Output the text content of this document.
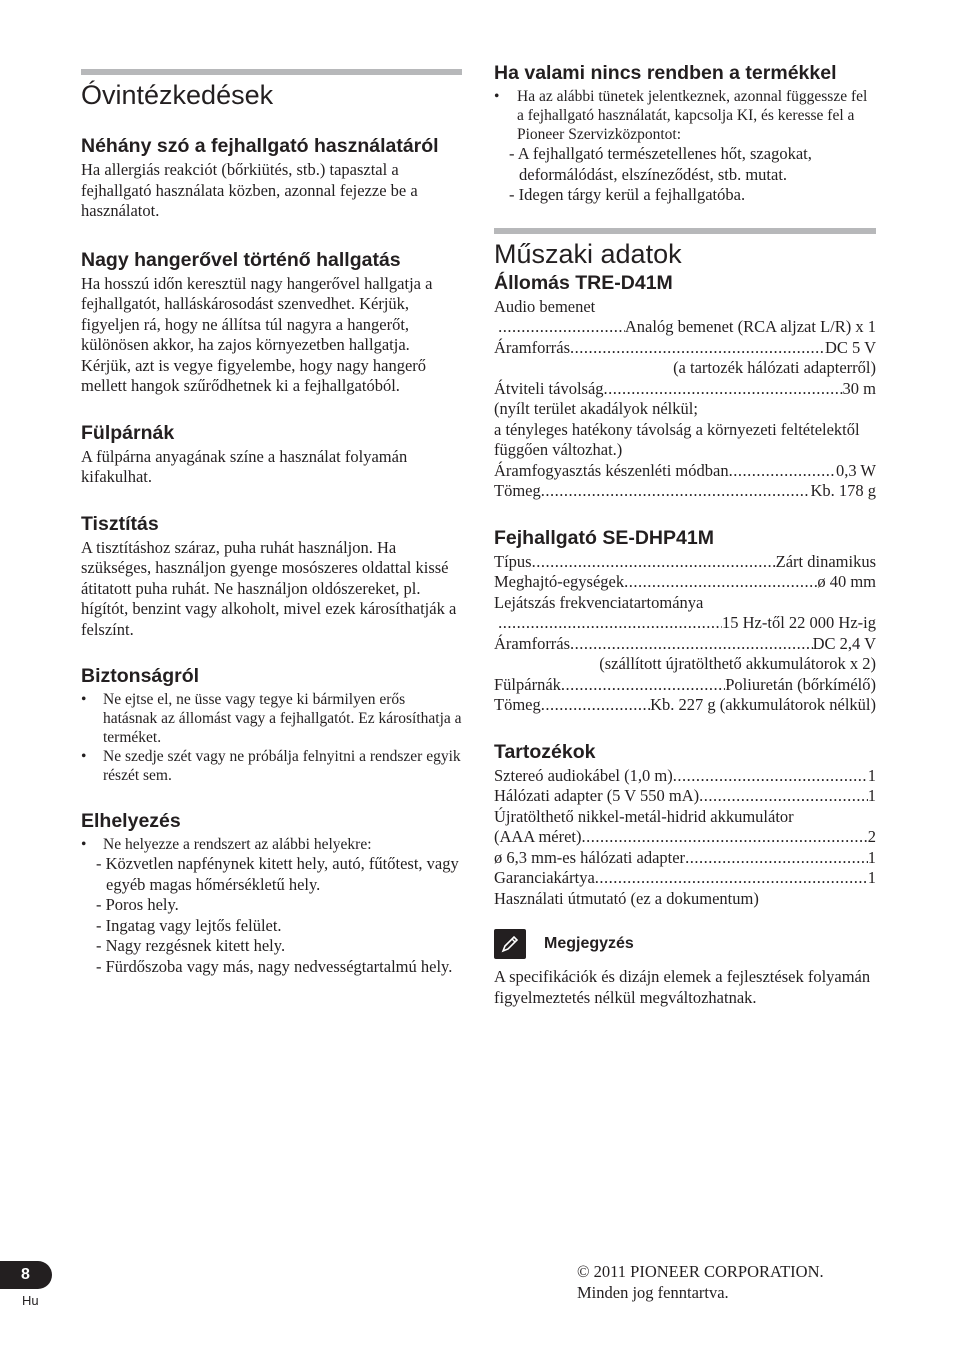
Óvintézkedések
Néhány szó a fejhallgató használatáról

Ha allergiás reakciót (bőrkiütés, stb.) tapasztal a fejhallgató használata közben, azonnal fejezze be a használatot.

Nagy hangerővel történő hallgatás

Ha hosszú időn keresztül nagy hangerővel hallgatja a fejhallgatót, halláskárosodást szenvedhet. Kérjük, figyeljen rá, hogy ne állítsa túl nagyra a hangerőt, különösen akkor, ha zajos környezetben hallgatja.

Kérjük, azt is vegye figyelembe, hogy nagy hangerő mellett hangok szűrődhetnek ki a fejhallgatóból.

Fülpárnák

A fülpárna anyagának színe a használat folyamán kifakulhat.

Tisztítás

A tisztításhoz száraz, puha ruhát használjon. Ha szükséges, használjon gyenge mosószeres oldattal kissé átitatott puha ruhát. Ne használjon oldószereket, pl. hígítót, benzint vagy alkoholt, mivel ezek károsíthatják a felszínt.

Biztonságról

• Ne ejtse el, ne üsse vagy tegye ki bármilyen erős hatásnak az állomást vagy a fejhallgatót. Ez károsíthatja a terméket.

• Ne szedje szét vagy ne próbálja felnyitni a rendszer egyik részét sem.

Elhelyezés

• Ne helyezze a rendszert az alábbi helyekre:

- Közvetlen napfénynek kitett hely, autó, fűtőtest, vagy egyéb magas hőmérsékletű hely.

- Poros hely.

- Ingatag vagy lejtős felület.

- Nagy rezgésnek kitett hely.

- Fürdőszoba vagy más, nagy nedvességtartalmú hely.

Ha valami nincs rendben a termékkel

• Ha az alábbi tünetek jelentkeznek, azonnal függessze fel a fejhallgató használatát, kapcsolja KI, és keresse fel a Pioneer Szervizközpontot:

- A fejhallgató természetellenes hőt, szagokat, deformálódást, elszíneződést, stb. mutat.

- Idegen tárgy kerül a fejhallgatóba.

Műszaki adatok
Állomás TRE-D41M

Audio bemenet

.....
Analóg bemenet (RCA aljzat L/R) x 1
Áramforrás .....	DC 5 V
(a tartozék hálózati adapterről)
Átviteli távolság .....	30 m

(nyílt terület akadályok nélkül;

a tényleges hatékony távolság a környezeti feltételektől függően változhat.)

Áramfogyasztás készenléti módban .....	0,3 W
Tömeg .....	Kb. 178 g
Fejhallgató SE-DHP41M
Típus .....	Zárt dinamikus
Meghajtó-egységek .....	ø 40 mm

Lejátszás frekvenciatartománya

.....
15 Hz-től 22 000 Hz-ig
Áramforrás .....	DC 2,4 V
(szállított újratölthető akkumulátorok x 2)
Fülpárnák .....	Poliuretán (bőrkímélő)
Tömeg .....	Kb. 227 g (akkumulátorok nélkül)
Tartozékok
Sztereó audiokábel (1,0 m) .....	1
Hálózati adapter (5 V 550 mA) .....	1

Újratölthető nikkel-metál-hidrid akkumulátor

(AAA méret) .....	2
ø 6,3 mm-es hálózati adapter .....	1
Garanciakártya .....	1

Használati útmutató (ez a dokumentum)

Megjegyzés

A specifikációk és dizájn elemek a fejlesztések folyamán figyelmeztetés nélkül megváltozhatnak.

8
Hu
© 2011 PIONEER CORPORATION.
Minden jog fenntartva.
